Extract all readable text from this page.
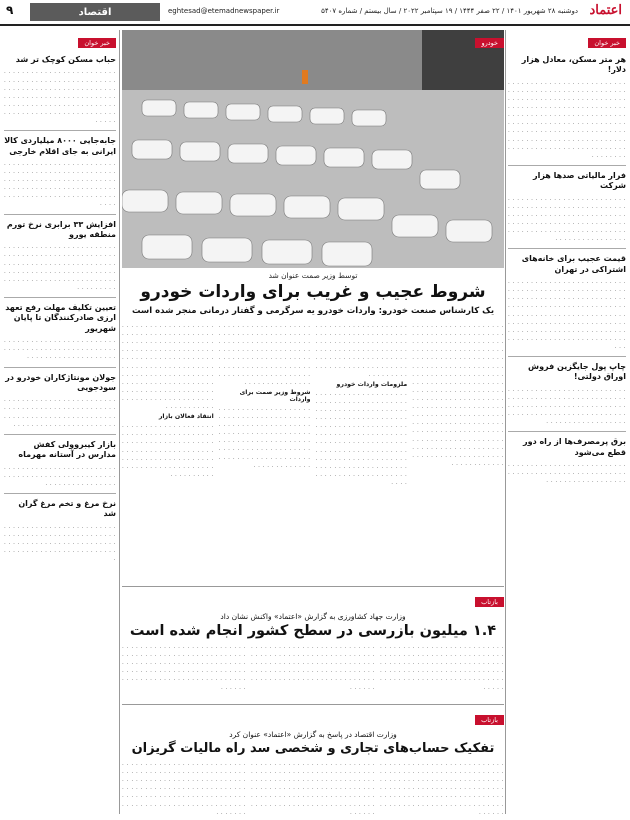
اعتماد
دوشنبه ۲۸ شهریور ۱۴۰۱ / ۲۲ صفر ۱۴۴۴ / ۱۹ سپتامبر ۲۰۲۲ / سال بیستم / شماره ۵۴۰۷
eghtesad@etemadnewspaper.ir
اقتصاد
۹
خبر خوان
هر متر مسکن، معادل هزار دلار!
. . . . . . . . . . . . . . . . . . . . . . . . . . . . . . . . . . . . . . . . . . . . . . . . . . . . . . . . . . . . . . . . . . . . . . . . . . . . . . . . . . . . . . . . . . . . . . . . . . . . . . . . . . . . . . . . . . . . . . . . . . . . . . . . . . . . . . . . . . . . . . . . . . . . . . . . . . . . . . . . . . . . . . . . . . . . . . . . . . . . . . . . . . . . . . . . . . . . . . . . . . . . . . . . . . . . . . . . . . . . . . . . . . . . . . . . . . . . . . . . . .
فرار مالیاتی صدها هزار شرکت
. . . . . . . . . . . . . . . . . . . . . . . . . . . . . . . . . . . . . . . . . . . . . . . . . . . . . . . . . . . . . . . . . . . . . . . . . . . . . . . . . . . . . . . . . . . . . . . . . . . . . . . . . . . . . . . . . . . . . . . . . . . . . . . . . . . . . . . . . . . . . . . . . .
قیمت عجیب برای خانه‌های اشتراکی در تهران
. . . . . . . . . . . . . . . . . . . . . . . . . . . . . . . . . . . . . . . . . . . . . . . . . . . . . . . . . . . . . . . . . . . . . . . . . . . . . . . . . . . . . . . . . . . . . . . . . . . . . . . . . . . . . . . . . . . . . . . . . . . . . . . . . . . . . . . . . . . . . . . . . . . . . . . . . . . . . . . . . . . . . . . . . . . . . . . . . . . . . . . . . . . . . . . . . . . . . . . . . . . . . . . . . . .
چاپ پول جایگزین فروش اوراق دولتی!
. . . . . . . . . . . . . . . . . . . . . . . . . . . . . . . . . . . . . . . . . . . . . . . . . . . . . . . . . . . . . . . . . . . . . . . . . . . . . . . . . . . . . . . . . . . . . . . . . . . . . . . . . . . . . . . . . . . . . . . . . .
برق پرمصرف‌ها از راه دور قطع می‌شود
. . . . . . . . . . . . . . . . . . . . . . . . . . . . . . . . . . . . . . . . . . . . . . . . . . . . . . . . . . . . . . . . . . . . . .
خودرو
توسط وزیر صمت عنوان شد
شروط عجیب و غریب برای واردات خودرو
یک کارشناس صنعت خودرو: واردات خودرو یه سرگرمی و گفتار درمانی منجر شده است
. . . . . . . . . . . . . . . . . . . . . . . . . . . . . . . . . . . . . . . . . . . . . . . . . . . . . . . . . . . . . . . . . . . . . . . . . . . . . . . . . . . . . . . . . . . . . . . . . . . . . . . . . . . . . . . . . . . . . . . . . . . . . . . . . . . . . . . . . . . . . . . . . . . . . . . . . . . . . . . . . . . . . . . . . . . . . . . . . . . . . . . . . . . . . . . . . . . . . . . . . . . . . . . . . . . . . . . . . . . . . . . . . . . . . . . . . . . . . . . . . . . . . . . . . . . . . . . . . . . . . . . . . . . . . . . . . . . . . . . . . . . . . . . . . . . . . . . . . . . . . . . . . . . . . . . . . . . . . . . . . . . . . . . . . . . . . . . . . . . . . . . . . . . . . . . .
. . . . . . . . . . . . . . . . . . . . . . . . . . . . . . . . . . . . . . . . . . . . . . . . . . . . . . . . . . . . . . . . . . . . . . . . . . . . . . . . . . . . . . . . . . . . . . . . . . . . . . . . . . . . . . . . . . . . . . . . . . . . . . . . .
ملزومات واردات خودرو
. . . . . . . . . . . . . . . . . . . . . . . . . . . . . . . . . . . . . . . . . . . . . . . . . . . . . . . . . . . . . . . . . . . . . . . . . . . . . . . . . . . . . . . . . . . . . . . . . . . . . . . . . . . . . . . . . . . . . . . . . . . . . . . . . . . . . . . . . . . . . . . . . . . . . . . . . . . . . . . . . . . . . . . . . . . . . . . . . . . . . . . . . . . . . . . . . . . . . . . . . . . . . . . . . . . . . . . . . . . . . . . .
. . . . . . . . . . . . . . . . . . . . . . . . . . . . . . . . . . . . . . . . . . . . . . . . . . . . . . . . . . . . . . . . . . . . . . . . . . . . . . . . . . . . . . . . . . . . . . . . . . . . . . . . . . . . . . . . . . . . . . . . . . . . . . . . . . . . . . . . . . . . . . . . . . . . . . . . . . .
شروط وزیر صمت برای واردات
. . . . . . . . . . . . . . . . . . . . . . . . . . . . . . . . . . . . . . . . . . . . . . . . . . . . . . . . . . . . . . . . . . . . . . . . . . . . . . . . . . . . . . . . . . . . . . . . . . . . . . . . . . . . . . . . . . . . . . . . . . . . . . . . . . . . . . . . . . . . . . . . . . . . . . . . .
. . . . . . . . . . . . . . . . . . . . . . . . . . . . . . . . . . . . . . . . . . . . . . . . . . . . . . . . . . . . . . . . . . . . . . . . . . . . . . . . . . . . . . . . . . . . . . . . . . . . . . . . . . . . . . . . . . . . . . . . . . . . . . . . . . . . . . . . . . . . . . . . . . . . . . . . . . . . . . . . . . . . . . . . . . . . . . . . . . . . . . . . . . . . . . . . . . . . . . . . . . . . . . . . . . .
انتقاد فعالان بازار
. . . . . . . . . . . . . . . . . . . . . . . . . . . . . . . . . . . . . . . . . . . . . . . . . . . . . . . . . . . . . . . . . . . . . . . . . . . . . . . . . . . . . . . . . . . . . . . . . . . . . . . . . . . . . . . . . . . . . . . . . . . . . . . . . .
بازتاب
وزارت جهاد کشاورزی به گزارش «اعتماد» واکنش نشان داد
۱.۴ میلیون بازرسی در سطح کشور انجام شده است
. . . . . . . . . . . . . . . . . . . . . . . . . . . . . . . . . . . . . . . . . . . . . . . . . . . . . . . . . . . . . . . . . . . . . . . . . . . . . . . . . . . . . . . . . . . . . . . . . . . . . . . . . . . . . . . . . . . . . . . . . . . . . . . . . . . . . . . . . . . .
. . . . . . . . . . . . . . . . . . . . . . . . . . . . . . . . . . . . . . . . . . . . . . . . . . . . . . . . . . . . . . . . . . . . . . . . . . . . . . . . . . . . . . . . . . . . . . . . . . . . . . . . . . . . . . . . . . . . . . . . . . . . . . . . . . . . . . . . . . . . .
. . . . . . . . . . . . . . . . . . . . . . . . . . . . . . . . . . . . . . . . . . . . . . . . . . . . . . . . . . . . . . . . . . . . . . . . . . . . . . . . . . . . . . . . . . . . . . . . . . . . . . . . . . . . . . . . . . . . . . . . . . . . . . . . . . . . . . . . . . . . .
بازتاب
وزارت اقتصاد در پاسخ به گزارش «اعتماد» عنوان کرد
تفکیک حساب‌های تجاری و شخصی سد راه مالیات گریزان
. . . . . . . . . . . . . . . . . . . . . . . . . . . . . . . . . . . . . . . . . . . . . . . . . . . . . . . . . . . . . . . . . . . . . . . . . . . . . . . . . . . . . . . . . . . . . . . . . . . . . . . . . . . . . . . . . . . . . . . . . . . . . . . . . . . . . . . . . . . . . . . . . . . . . . . . . . . . . . . . . . . . . . . .
. . . . . . . . . . . . . . . . . . . . . . . . . . . . . . . . . . . . . . . . . . . . . . . . . . . . . . . . . . . . . . . . . . . . . . . . . . . . . . . . . . . . . . . . . . . . . . . . . . . . . . . . . . . . . . . . . . . . . . . . . . . . . . . . . . . . . . . . . . . . . . . . . . . . . . . . . . . . . . . . . . . . . . . .
. . . . . . . . . . . . . . . . . . . . . . . . . . . . . . . . . . . . . . . . . . . . . . . . . . . . . . . . . . . . . . . . . . . . . . . . . . . . . . . . . . . . . . . . . . . . . . . . . . . . . . . . . . . . . . . . . . . . . . . . . . . . . . . . . . . . . . . . . . . . . . . . . . . . . . . . . . . . . . . . . . . . . . . . .
خبر خوان
حباب مسکن کوچک تر شد
. . . . . . . . . . . . . . . . . . . . . . . . . . . . . . . . . . . . . . . . . . . . . . . . . . . . . . . . . . . . . . . . . . . . . . . . . . . . . . . . . . . . . . . . . . . . . . . . . . . . . . . . . . . . . . . . . . . . . . . . . . . . . . . . . . . . . . . . . . . . . . . . . . . . . . . . . . .
جابه‌جایی ۸۰۰۰ میلیاردی کالا ایرانی به جای اقلام خارجی
. . . . . . . . . . . . . . . . . . . . . . . . . . . . . . . . . . . . . . . . . . . . . . . . . . . . . . . . . . . . . . . . . . . . . . . . . . . . . . . . . . . . . . . . . . . . . . . . . . . . . . . . . . . . . . . . . . . . . . . . . . . . . . . . .
افزایش ۳۳ برابری نرخ تورم منطقه یورو
. . . . . . . . . . . . . . . . . . . . . . . . . . . . . . . . . . . . . . . . . . . . . . . . . . . . . . . . . . . . . . . . . . . . . . . . . . . . . . . . . . . . . . . . . . . . . . . . . . . . . . . . . . . . . . . . . . . . . . . . . . . . . . . . . . . . . .
تعیین تکلیف مهلت رفع تعهد ارزی صادرکنندگان تا پایان شهریور
. . . . . . . . . . . . . . . . . . . . . . . . . . . . . . . . . . . . . . . . . . . . . . . . . . . . . . . . . . . . . . . . . . . . . .
جولان مونتاژکاران خودرو در سودجویی
. . . . . . . . . . . . . . . . . . . . . . . . . . . . . . . . . . . . . . . . . . . . . . . . . . . . . . . . . . . . . . . . . . . . . . . . . . . . . . . . . . . . . . . . . . . . . . . . . .
بازار کیبروولی کفش مدارس در آستانه مهرماه
. . . . . . . . . . . . . . . . . . . . . . . . . . . . . . . . . . . . . . . . . . . . . . . . . . . . . . . . . . . . . . . . . .
نرخ مرغ و تخم مرغ گران شد
. . . . . . . . . . . . . . . . . . . . . . . . . . . . . . . . . . . . . . . . . . . . . . . . . . . . . . . . . . . . . . . . . . . . . . . . . . . . . . . . . . . . . . . . . . . . . . . . . . . . .
